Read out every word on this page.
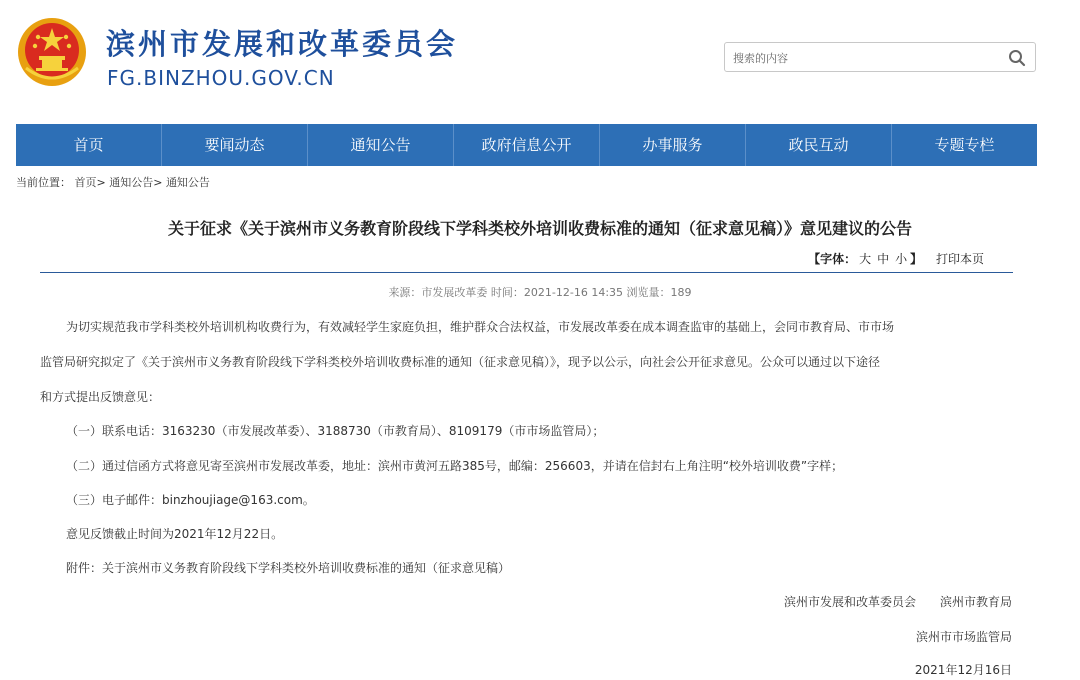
滨州市发展和改革委员会
FG.BINZHOU.GOV.CN
搜索的内容
首页	要闻动态	通知公告	政府信息公开	办事服务	政民互动	专题专栏
当前位置： 首页> 通知公告> 通知公告
关于征求《关于滨州市义务教育阶段线下学科类校外培训收费标准的通知（征求意见稿）》意见建议的公告
【字体： 大 中 小 】 打印本页
来源：市发展改革委 时间：2021-12-16 14:35 浏览量：189
为切实规范我市学科类校外培训机构收费行为，有效减轻学生家庭负担，维护群众合法权益，市发展改革委在成本调查监审的基础上，会同市教育局、市市场
监管局研究拟定了《关于滨州市义务教育阶段线下学科类校外培训收费标准的通知（征求意见稿）》，现予以公示，向社会公开征求意见。公众可以通过以下途径
和方式提出反馈意见：
（一）联系电话：3163230（市发展改革委）、3188730（市教育局）、8109179（市市场监管局）；
（二）通过信函方式将意见寄至滨州市发展改革委，地址：滨州市黄河五路385号，邮编：256603，并请在信封右上角注明“校外培训收费”字样；
（三）电子邮件：binzhoujiage@163.com。
意见反馈截止时间为2021年12月22日。
附件：关于滨州市义务教育阶段线下学科类校外培训收费标准的通知（征求意见稿）
滨州市发展和改革委员会　　滨州市教育局
滨州市市场监管局
2021年12月16日
